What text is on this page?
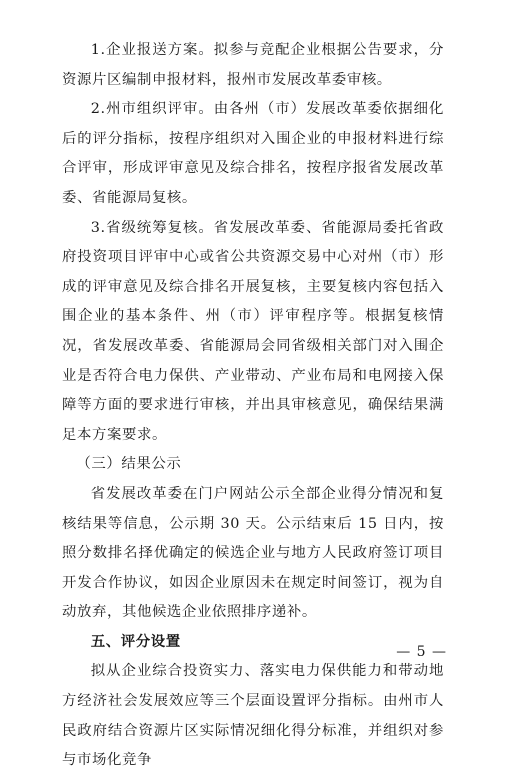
1.企业报送方案。拟参与竞配企业根据公告要求，分资源片区编制申报材料，报州市发展改革委审核。

2.州市组织评审。由各州（市）发展改革委依据细化后的评分指标，按程序组织对入围企业的申报材料进行综合评审，形成评审意见及综合排名，按程序报省发展改革委、省能源局复核。

3.省级统筹复核。省发展改革委、省能源局委托省政府投资项目评审中心或省公共资源交易中心对州（市）形成的评审意见及综合排名开展复核，主要复核内容包括入围企业的基本条件、州（市）评审程序等。根据复核情况，省发展改革委、省能源局会同省级相关部门对入围企业是否符合电力保供、产业带动、产业布局和电网接入保障等方面的要求进行审核，并出具审核意见，确保结果满足本方案要求。

（三）结果公示

省发展改革委在门户网站公示全部企业得分情况和复核结果等信息，公示期 30 天。公示结束后 15 日内，按照分数排名择优确定的候选企业与地方人民政府签订项目开发合作协议，如因企业原因未在规定时间签订，视为自动放弃，其他候选企业依照排序递补。

五、评分设置

拟从企业综合投资实力、落实电力保供能力和带动地方经济社会发展效应等三个层面设置评分指标。由州市人民政府结合资源片区实际情况细化得分标准，并组织对参与市场化竞争

— 5 —
